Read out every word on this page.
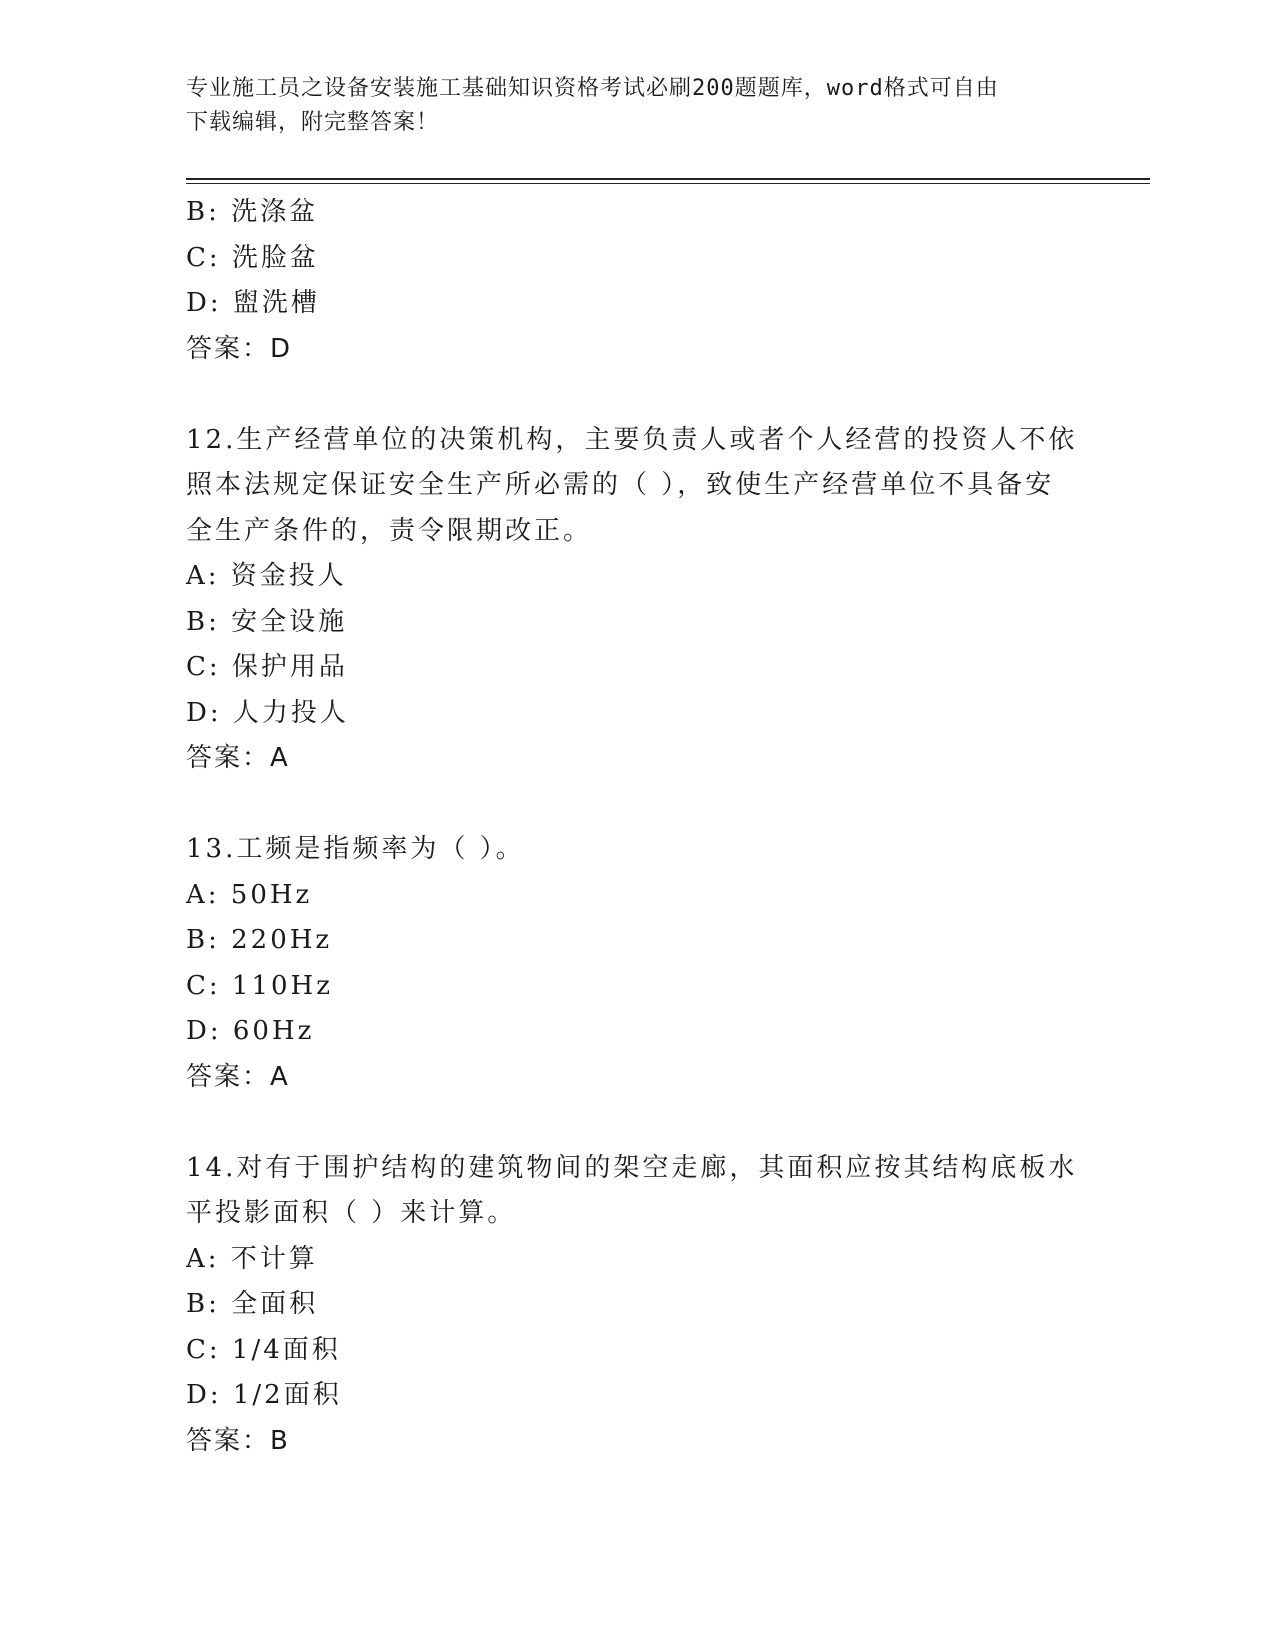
专业施工员之设备安装施工基础知识资格考试必刷200题题库，word格式可自由
下载编辑，附完整答案！
B: 洗涤盆
C: 洗脸盆
D: 盥洗槽
答案：D
12.生产经营单位的决策机构，主要负责人或者个人经营的投资人不依
照本法规定保证安全生产所必需的（ ），致使生产经营单位不具备安
全生产条件的，责令限期改正。
A: 资金投人
B: 安全设施
C: 保护用品
D: 人力投人
答案：A
13.工频是指频率为（ ）。
A: 50Hz
B: 220Hz
C: 110Hz
D: 60Hz
答案：A
14.对有于围护结构的建筑物间的架空走廊，其面积应按其结构底板水
平投影面积（ ）来计算。
A: 不计算
B: 全面积
C: 1/4面积
D: 1/2面积
答案：B
